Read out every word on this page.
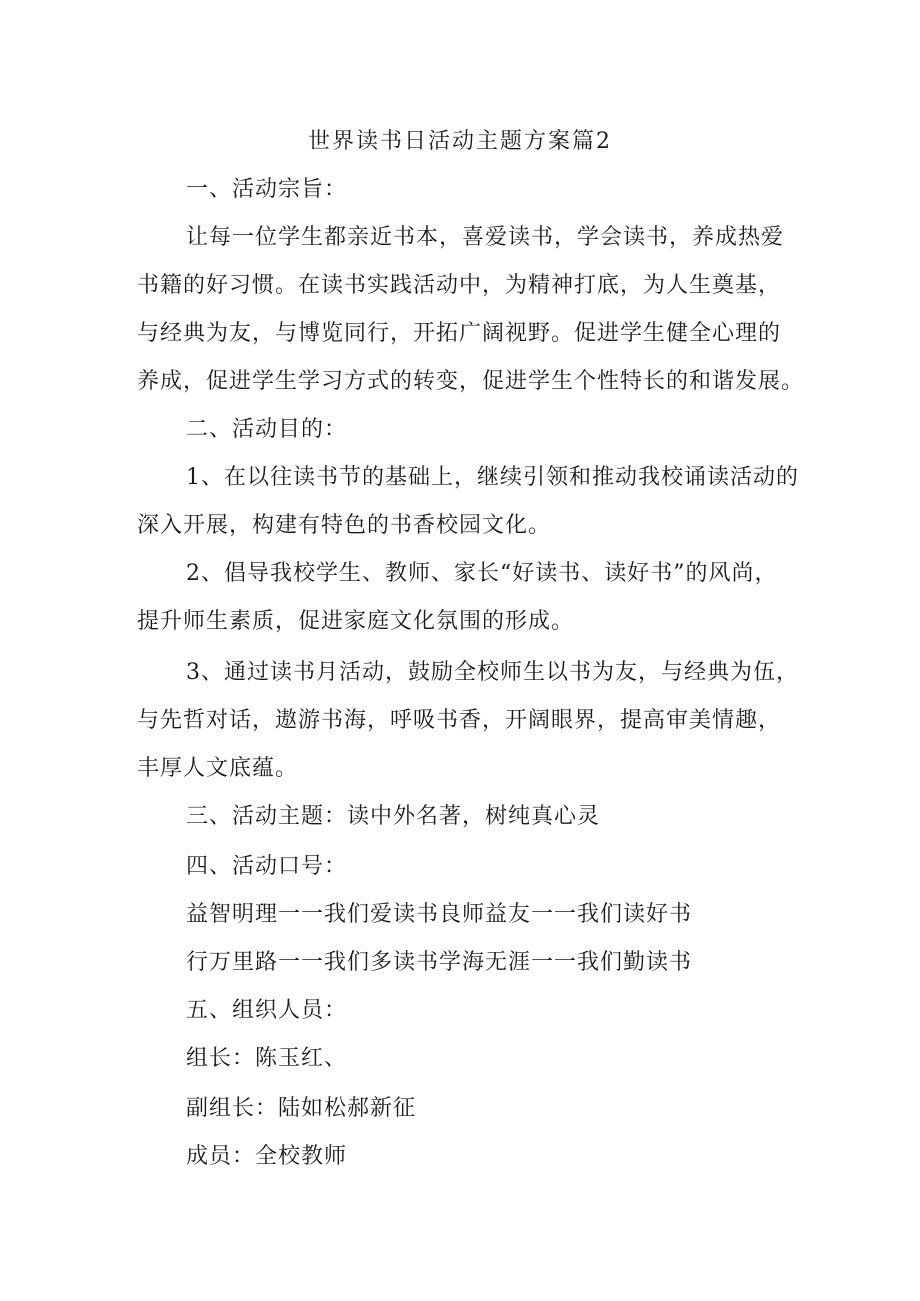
世界读书日活动主题方案篇2
一、活动宗旨：
让每一位学生都亲近书本，喜爱读书，学会读书，养成热爱
书籍的好习惯。在读书实践活动中，为精神打底，为人生奠基，
与经典为友，与博览同行，开拓广阔视野。促进学生健全心理的
养成，促进学生学习方式的转变，促进学生个性特长的和谐发展。
二、活动目的：
1、在以往读书节的基础上，继续引领和推动我校诵读活动的
深入开展，构建有特色的书香校园文化。
2、倡导我校学生、教师、家长“好读书、读好书”的风尚，
提升师生素质，促进家庭文化氛围的形成。
3、通过读书月活动，鼓励全校师生以书为友，与经典为伍，
与先哲对话，遨游书海，呼吸书香，开阔眼界，提高审美情趣，
丰厚人文底蕴。
三、活动主题：读中外名著，树纯真心灵
四、活动口号：
益智明理一一我们爱读书良师益友一一我们读好书
行万里路一一我们多读书学海无涯一一我们勤读书
五、组织人员：
组长：陈玉红、
副组长：陆如松郝新征
成员：全校教师
